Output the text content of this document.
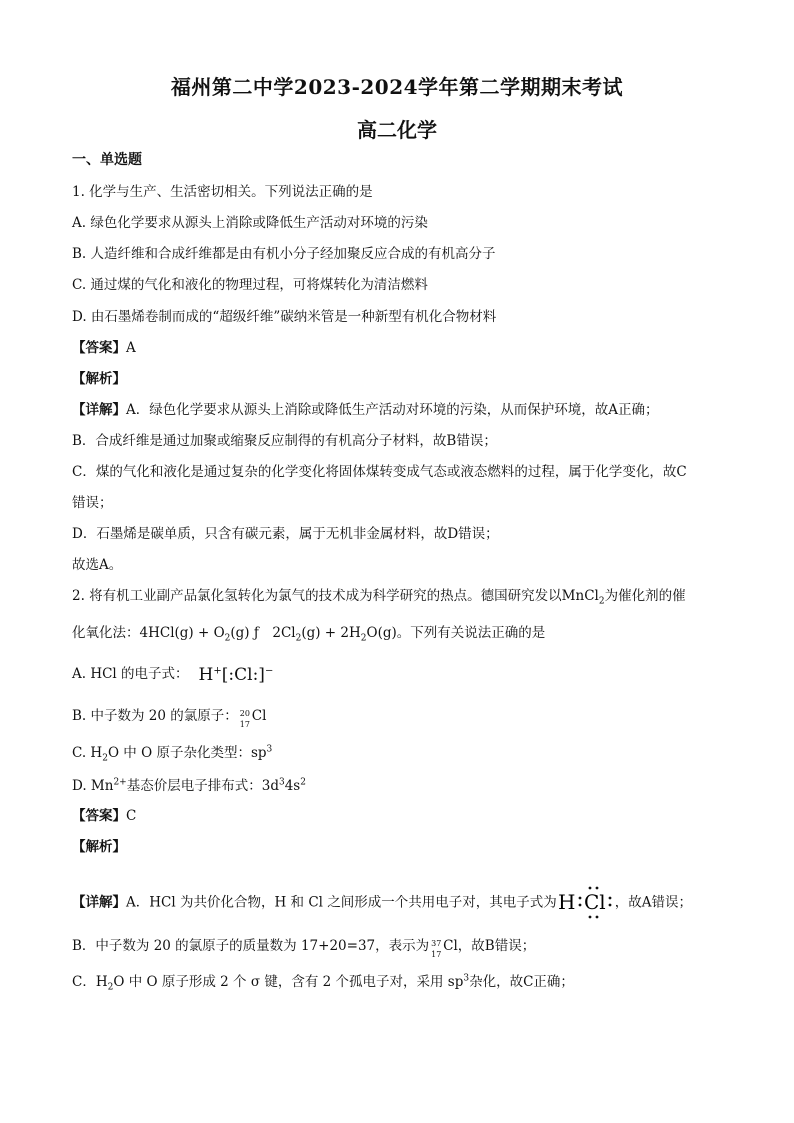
福州第二中学2023-2024学年第二学期期末考试
高二化学
一、单选题
1. 化学与生产、生活密切相关。下列说法正确的是
A. 绿色化学要求从源头上消除或降低生产活动对环境的污染
B. 人造纤维和合成纤维都是由有机小分子经加聚反应合成的有机高分子
C. 通过煤的气化和液化的物理过程，可将煤转化为清洁燃料
D. 由石墨烯卷制而成的“超级纤维”碳纳米管是一种新型有机化合物材料
【答案】A
【解析】
【详解】A．绿色化学要求从源头上消除或降低生产活动对环境的污染，从而保护环境，故A正确；
B．合成纤维是通过加聚或缩聚反应制得的有机高分子材料，故B错误；
C．煤的气化和液化是通过复杂的化学变化将固体煤转变成气态或液态燃料的过程，属于化学变化，故C
错误；
D．石墨烯是碳单质，只含有碳元素，属于无机非金属材料，故D错误；
故选A。
2. 将有机工业副产品氯化氢转化为氯气的技术成为科学研究的热点。德国研究发以MnCl$_2$为催化剂的催
化氧化法：$4HCl(g) + O_2(g)$ ƒ　$2Cl_2(g) + 2H_2O(g)$。下列有关说法正确的是
A. HCl 的电子式： H+[:Cl:]−
B. 中子数为 20 的氯原子： 20
17 Cl
C. $H_2O$ 中 O 原子杂化类型：$sp^3$
D. $Mn^{2+}$基态价层电子排布式：$3d^34s^2$
【答案】C
【解析】
【详解】A．HCl 为共价化合物，H 和 Cl 之间形成一个共用电子对，其电子式为 H Cl ，故A错误；
B．中子数为 20 的氯原子的质量数为 17+20=37，表示为 37
17 Cl，故B错误；
C．$H_2O$ 中 O 原子形成 2 个 σ 键，含有 2 个孤电子对，采用 $sp^3$杂化，故C正确；
